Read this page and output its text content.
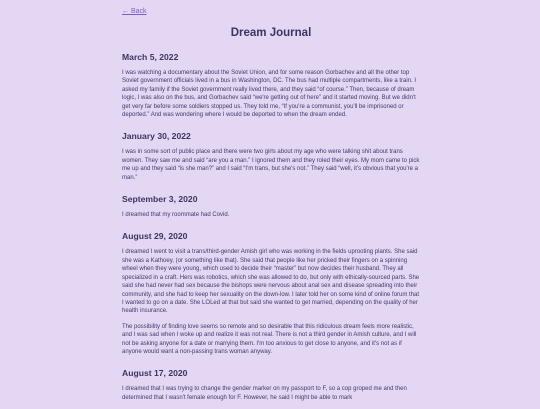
← Back
Dream Journal
March 5, 2022

I was watching a documentary about the Soviet Union, and for some reason Gorbachev and all the other top Soviet government officials lived in a bus in Washington, DC. The bus had multiple compartments, like a train. I asked my family if the Soviet government really lived there, and they said “of course.” Then, because of dream logic, I was also on the bus, and Gorbachev said “we're getting out of here” and it started moving. But we didn't get very far before some soldiers stopped us. They told me, “If you're a communist, you'll be imprisoned or deported.” And was wondering where I would be deported to when the dream ended.

January 30, 2022

I was in some sort of public place and there were two girls about my age who were talking shit about trans women. They saw me and said “are you a man.” I ignored them and they roled their eyes. My mom came to pick me up and they said “is she man?” and I said “I'm trans, but she's not.” They said “well, it's obvious that you're a man.”

September 3, 2020

I dreamed that my roommate had Covid.

August 29, 2020

I dreamed I went to visit a trans/third-gender Amish girl who was working in the fields uprooting plants. She said she was a Kathoey, (or something like that). She said that people like her pricked their fingers on a spinning wheel when they were young, which used to decide their “master” but now decides their husband. They all specialized in a craft. Hers was robotics, which she was allowed to do, but only with ethically-sourced parts. She said she had never had sex because the bishops were nervous about anal sex and disease spreading into their community, and she had to keep her sexuality on the down-low. I later told her on some kind of online forum that I wanted to go on a date. She LOLed at that but said she wanted to get married, depending on the quality of her health insurance.

The possibility of finding love seems so remote and so desirable that this ridiculous dream feels more realistic, and I was sad when I woke up and realize it was not real. There is not a third gender in Amish culture, and I will not be asking anyone for a date or marrying them. I'm too anxious to get close to anyone, and it's not as if anyone would want a non-passing trans woman anyway.

August 17, 2020

I dreamed that I was trying to change the gender marker on my passport to F, so a cop groped me and then determined that I wasn't female enough for F. However, he said I might be able to mark
